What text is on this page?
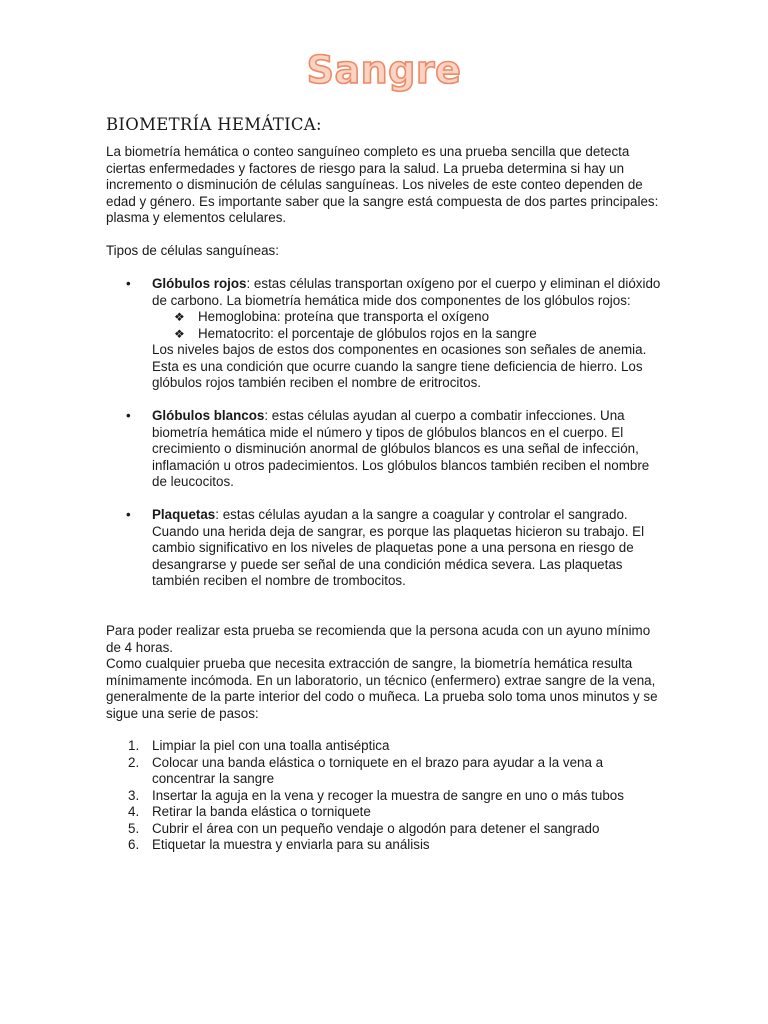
Sangre
BIOMETRÍA HEMÁTICA:

La biometría hemática o conteo sanguíneo completo es una prueba sencilla que detecta ciertas enfermedades y factores de riesgo para la salud. La prueba determina si hay un incremento o disminución de células sanguíneas. Los niveles de este conteo dependen de edad y género. Es importante saber que la sangre está compuesta de dos partes principales: plasma y elementos celulares.

Tipos de células sanguíneas:

• Glóbulos rojos: estas células transportan oxígeno por el cuerpo y eliminan el dióxido de carbono. La biometría hemática mide dos componentes de los glóbulos rojos:
❖ Hemoglobina: proteína que transporta el oxígeno
❖ Hematocrito: el porcentaje de glóbulos rojos en la sangre
Los niveles bajos de estos dos componentes en ocasiones son señales de anemia. Esta es una condición que ocurre cuando la sangre tiene deficiencia de hierro. Los glóbulos rojos también reciben el nombre de eritrocitos.
• Glóbulos blancos: estas células ayudan al cuerpo a combatir infecciones. Una biometría hemática mide el número y tipos de glóbulos blancos en el cuerpo. El crecimiento o disminución anormal de glóbulos blancos es una señal de infección, inflamación u otros padecimientos. Los glóbulos blancos también reciben el nombre de leucocitos.
• Plaquetas: estas células ayudan a la sangre a coagular y controlar el sangrado. Cuando una herida deja de sangrar, es porque las plaquetas hicieron su trabajo. El cambio significativo en los niveles de plaquetas pone a una persona en riesgo de desangrarse y puede ser señal de una condición médica severa. Las plaquetas también reciben el nombre de trombocitos.

Para poder realizar esta prueba se recomienda que la persona acuda con un ayuno mínimo de 4 horas.

Como cualquier prueba que necesita extracción de sangre, la biometría hemática resulta mínimamente incómoda. En un laboratorio, un técnico (enfermero) extrae sangre de la vena, generalmente de la parte interior del codo o muñeca. La prueba solo toma unos minutos y se sigue una serie de pasos:

1. Limpiar la piel con una toalla antiséptica
2. Colocar una banda elástica o torniquete en el brazo para ayudar a la vena a concentrar la sangre
3. Insertar la aguja en la vena y recoger la muestra de sangre en uno o más tubos
4. Retirar la banda elástica o torniquete
5. Cubrir el área con un pequeño vendaje o algodón para detener el sangrado
6. Etiquetar la muestra y enviarla para su análisis
